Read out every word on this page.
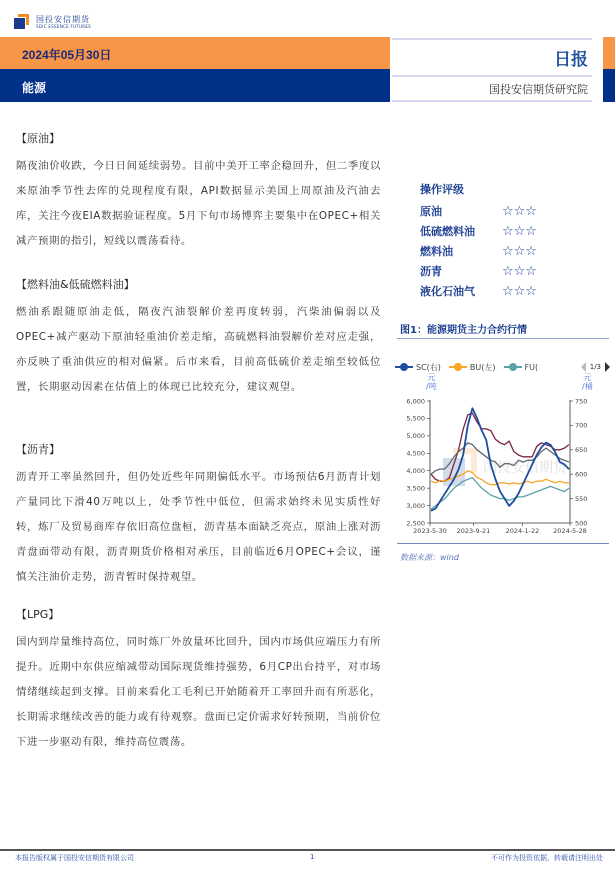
国投安信期货
SDIC ESSENCE FUTURES
2024年05月30日
能源
日报
国投安信期货研究院
【原油】
隔夜油价收跌，今日日间延续弱势。目前中美开工率企稳回升，但二季度以来原油季节性去库的兑现程度有限，API数据显示美国上周原油及汽油去库，关注今夜EIA数据验证程度。5月下旬市场博弈主要集中在OPEC+相关减产预期的指引，短线以震荡看待。
【燃料油&低硫燃料油】
燃油系跟随原油走低，隔夜汽油裂解价差再度转弱，汽柴油偏弱以及OPEC+减产驱动下原油轻重油价差走缩，高硫燃料油裂解价差对应走强，亦反映了重油供应的相对偏紧。后市来看，目前高低硫价差走缩至较低位置，长期驱动因素在估值上的体现已比较充分，建议观望。
【沥青】
沥青开工率虽然回升，但仍处近些年同期偏低水平。市场预估6月沥青计划产量同比下滑40万吨以上，处季节性中低位，但需求始终未见实质性好转，炼厂及贸易商库存依旧高位盘桓，沥青基本面缺乏亮点，原油上涨对沥青盘面带动有限，沥青期货价格相对承压，目前临近6月OPEC+会议，谨慎关注油价走势，沥青暂时保持观望。
【LPG】
国内到岸量维持高位，同时炼厂外放量环比回升，国内市场供应端压力有所提升。近期中东供应缩减带动国际现货维持强势，6月CP出台持平，对市场情绪继续起到支撑。目前来看化工毛利已开始随着开工率回升而有所恶化，长期需求继续改善的能力或有待观察。盘面已定价需求好转预期，当前价位下进一步驱动有限，维持高位震荡。
操作评级
原油	☆☆☆
低硫燃料油	☆☆☆
燃料油	☆☆☆
沥青	☆☆☆
液化石油气	☆☆☆
图1：能源期货主力合约行情
SC(右)	BU(左)	FU(	1/3
元
/吨
元
/桶
国投安信期货
2,500
3,000
3,500
4,000
4,500
5,000
5,500
6,000
500
550
600
650
700
750
2023-5-30 2023-9-21 2024-1-22 2024-5-28
数据来源：wind
本报告版权属于国投安信期货有限公司	1	不可作为投资依据，转载请注明出处
